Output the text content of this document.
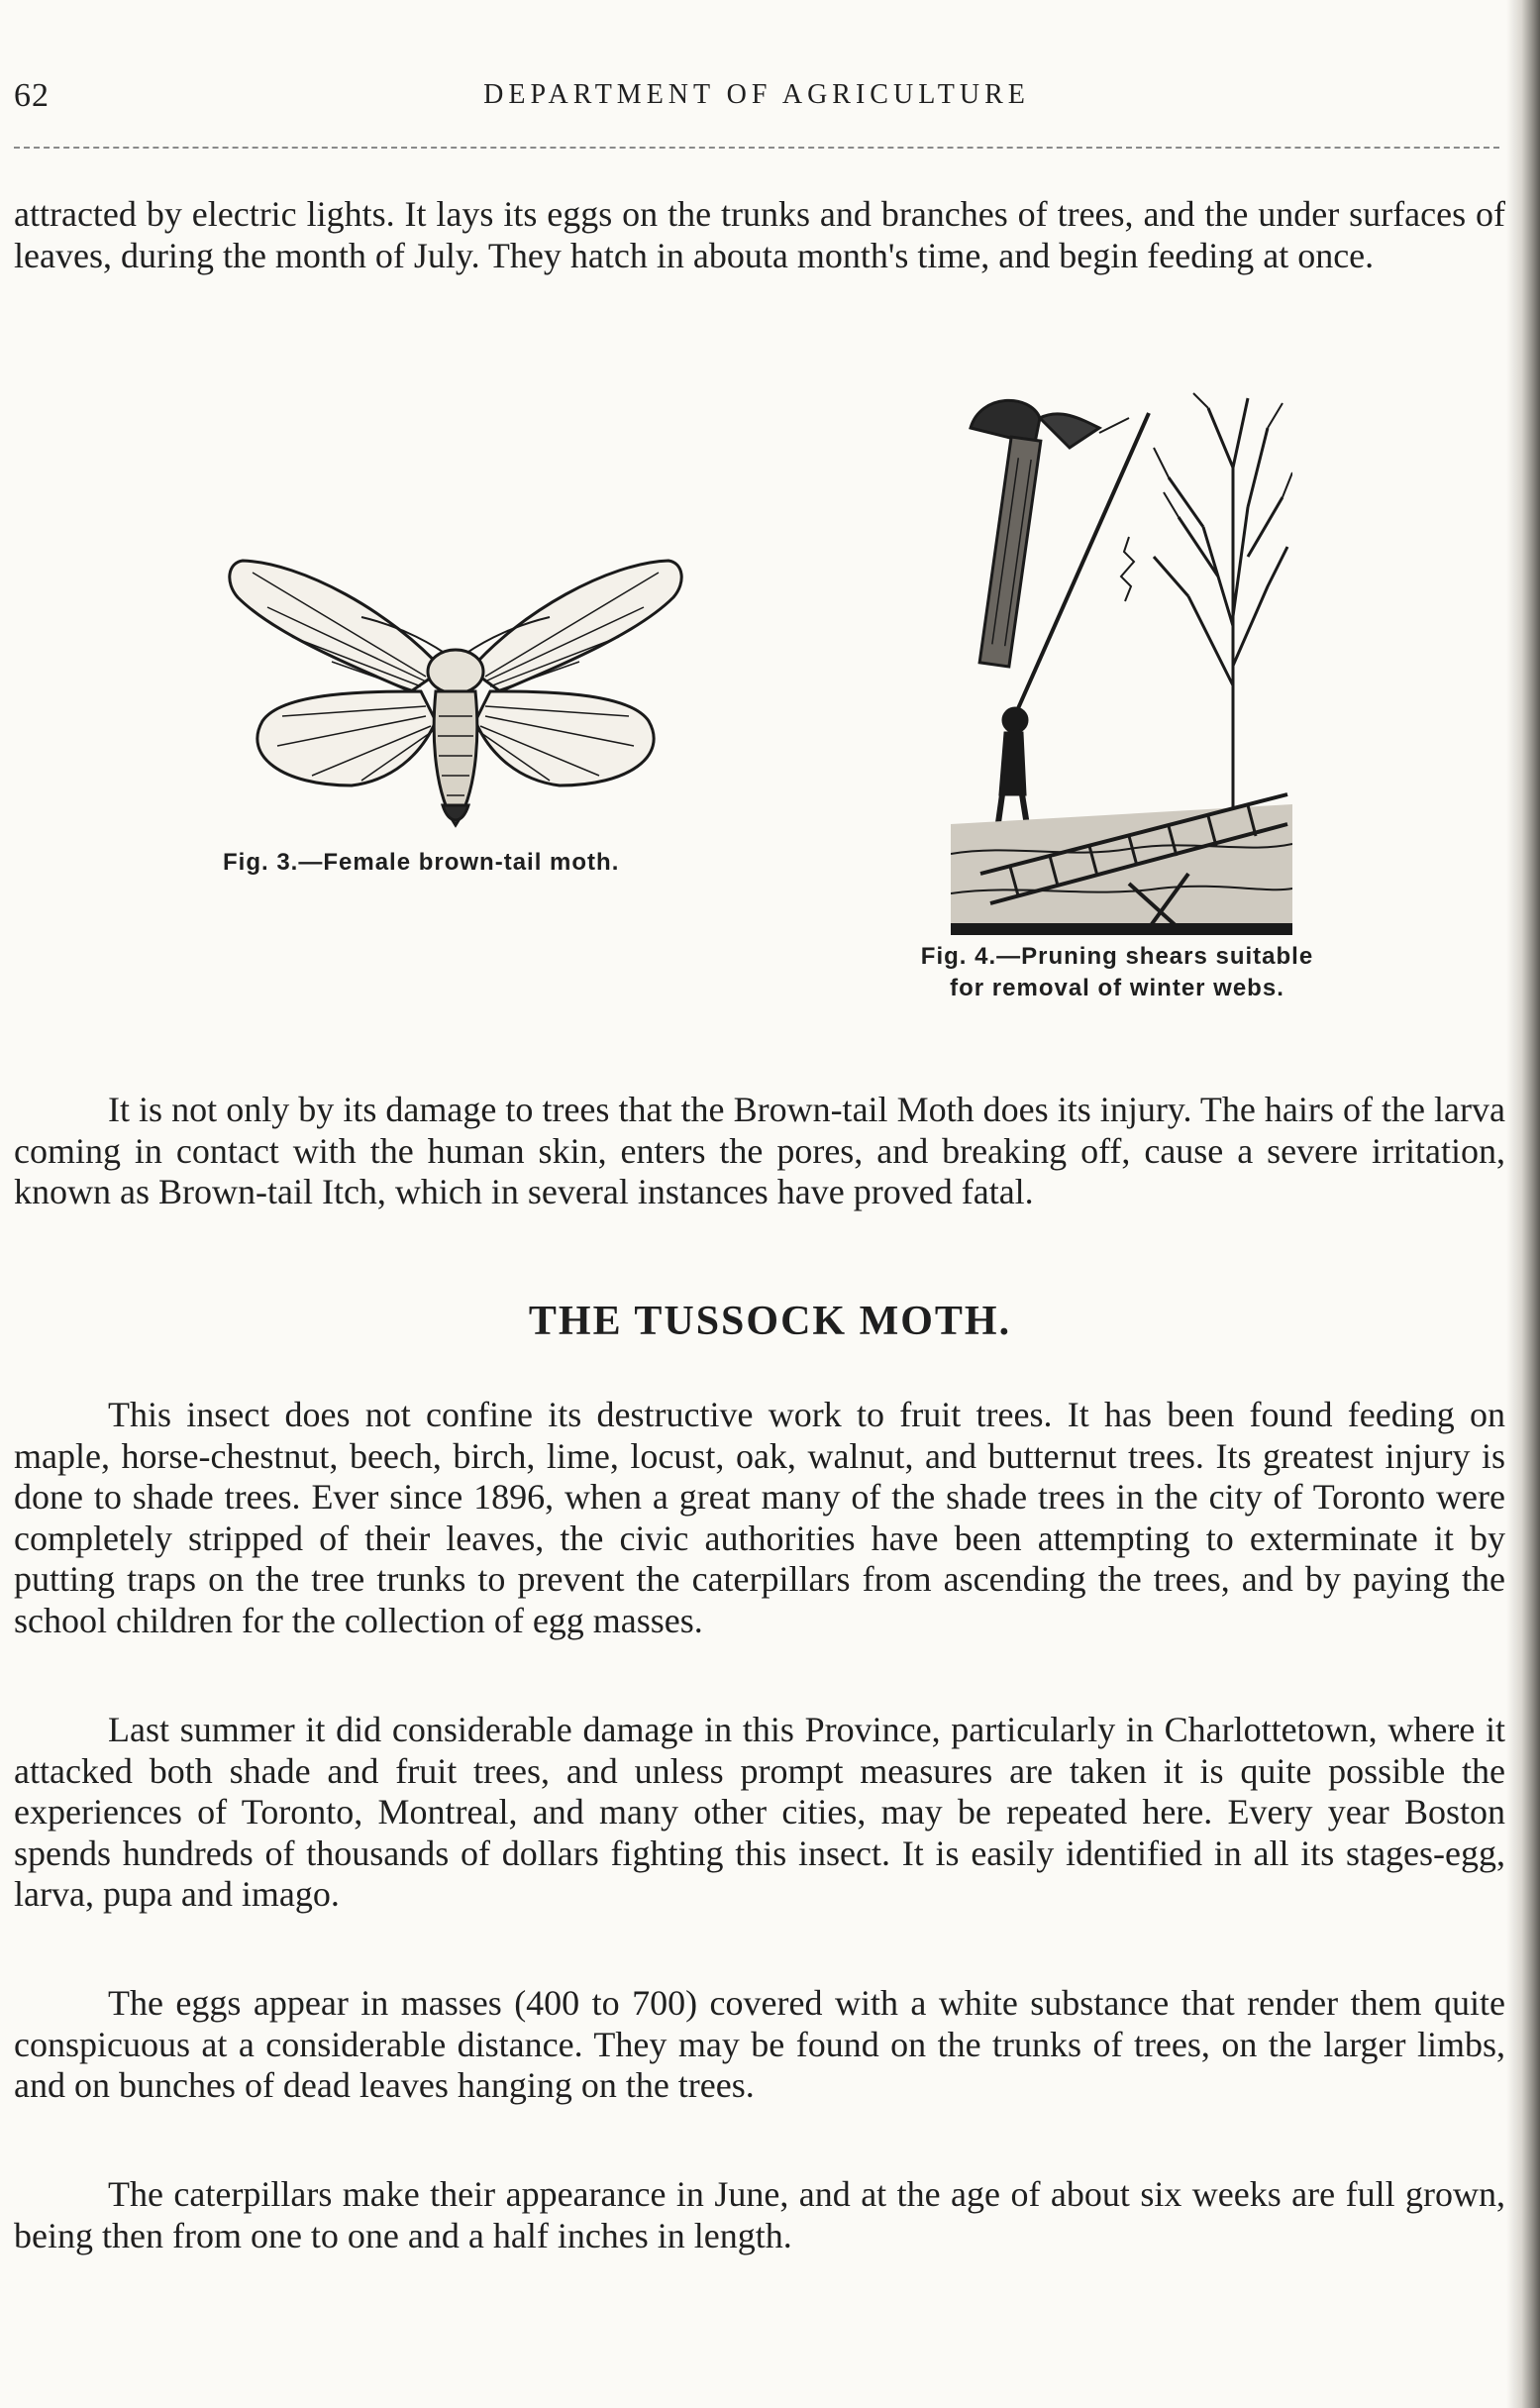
62	DEPARTMENT OF AGRICULTURE

attracted by electric lights. It lays its eggs on the trunks and branches of trees, and the under surfaces of leaves, during the month of July. They hatch in abouta month's time, and begin feeding at once.

Fig. 3.—Female brown-tail moth.
Fig. 4.—Pruning shears suitable for removal of winter webs.

It is not only by its damage to trees that the Brown-tail Moth does its injury. The hairs of the larva coming in contact with the human skin, enters the pores, and breaking off, cause a severe irritation, known as Brown-tail Itch, which in several instances have proved fatal.

THE TUSSOCK MOTH.

This insect does not confine its destructive work to fruit trees. It has been found feeding on maple, horse-chestnut, beech, birch, lime, locust, oak, walnut, and butternut trees. Its greatest injury is done to shade trees. Ever since 1896, when a great many of the shade trees in the city of Toronto were completely stripped of their leaves, the civic authorities have been attempting to exterminate it by putting traps on the tree trunks to prevent the caterpillars from ascending the trees, and by paying the school children for the collection of egg masses.

Last summer it did considerable damage in this Province, particularly in Charlottetown, where it attacked both shade and fruit trees, and unless prompt measures are taken it is quite possible the experiences of Toronto, Montreal, and many other cities, may be repeated here. Every year Boston spends hundreds of thousands of dollars fighting this insect. It is easily identified in all its stages-egg, larva, pupa and imago.

The eggs appear in masses (400 to 700) covered with a white substance that render them quite conspicuous at a considerable distance. They may be found on the trunks of trees, on the larger limbs, and on bunches of dead leaves hanging on the trees.

The caterpillars make their appearance in June, and at the age of about six weeks are full grown, being then from one to one and a half inches in length.
